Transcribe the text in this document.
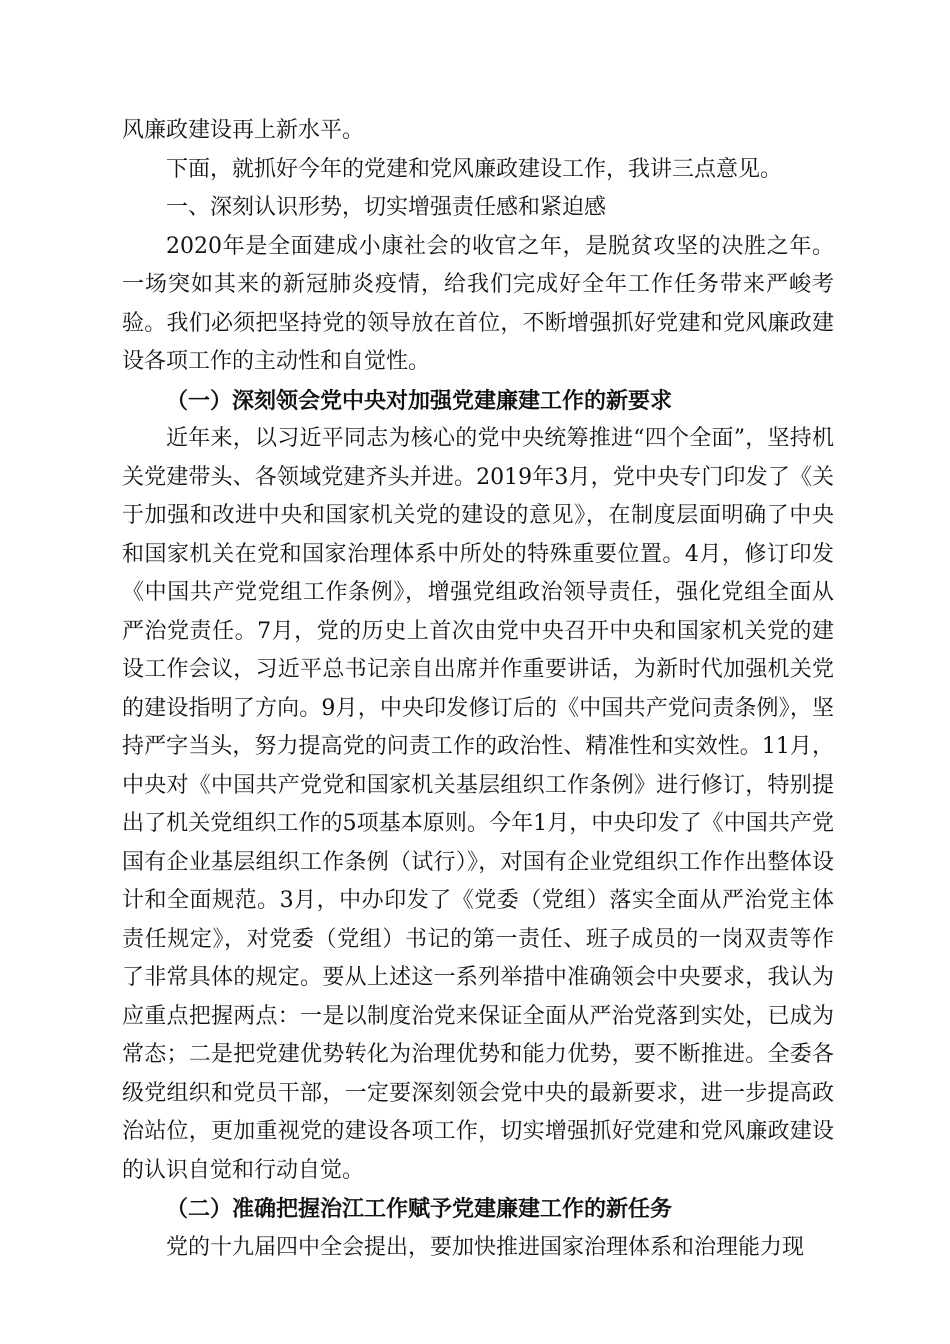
风廉政建设再上新水平。

下面，就抓好今年的党建和党风廉政建设工作，我讲三点意见。

一、深刻认识形势，切实增强责任感和紧迫感

2020年是全面建成小康社会的收官之年，是脱贫攻坚的决胜之年。一场突如其来的新冠肺炎疫情，给我们完成好全年工作任务带来严峻考验。我们必须把坚持党的领导放在首位，不断增强抓好党建和党风廉政建设各项工作的主动性和自觉性。

（一）深刻领会党中央对加强党建廉建工作的新要求

近年来，以习近平同志为核心的党中央统筹推进“四个全面”，坚持机关党建带头、各领域党建齐头并进。2019年3月，党中央专门印发了《关于加强和改进中央和国家机关党的建设的意见》，在制度层面明确了中央和国家机关在党和国家治理体系中所处的特殊重要位置。4月，修订印发《中国共产党党组工作条例》，增强党组政治领导责任，强化党组全面从严治党责任。7月，党的历史上首次由党中央召开中央和国家机关党的建设工作会议，习近平总书记亲自出席并作重要讲话，为新时代加强机关党的建设指明了方向。9月，中央印发修订后的《中国共产党问责条例》，坚持严字当头，努力提高党的问责工作的政治性、精准性和实效性。11月，中央对《中国共产党党和国家机关基层组织工作条例》进行修订，特别提出了机关党组织工作的5项基本原则。今年1月，中央印发了《中国共产党国有企业基层组织工作条例（试行）》，对国有企业党组织工作作出整体设计和全面规范。3月，中办印发了《党委（党组）落实全面从严治党主体责任规定》，对党委（党组）书记的第一责任、班子成员的一岗双责等作了非常具体的规定。要从上述这一系列举措中准确领会中央要求，我认为应重点把握两点：一是以制度治党来保证全面从严治党落到实处，已成为常态；二是把党建优势转化为治理优势和能力优势，要不断推进。全委各级党组织和党员干部，一定要深刻领会党中央的最新要求，进一步提高政治站位，更加重视党的建设各项工作，切实增强抓好党建和党风廉政建设的认识自觉和行动自觉。

（二）准确把握治江工作赋予党建廉建工作的新任务

党的十九届四中全会提出，要加快推进国家治理体系和治理能力现
